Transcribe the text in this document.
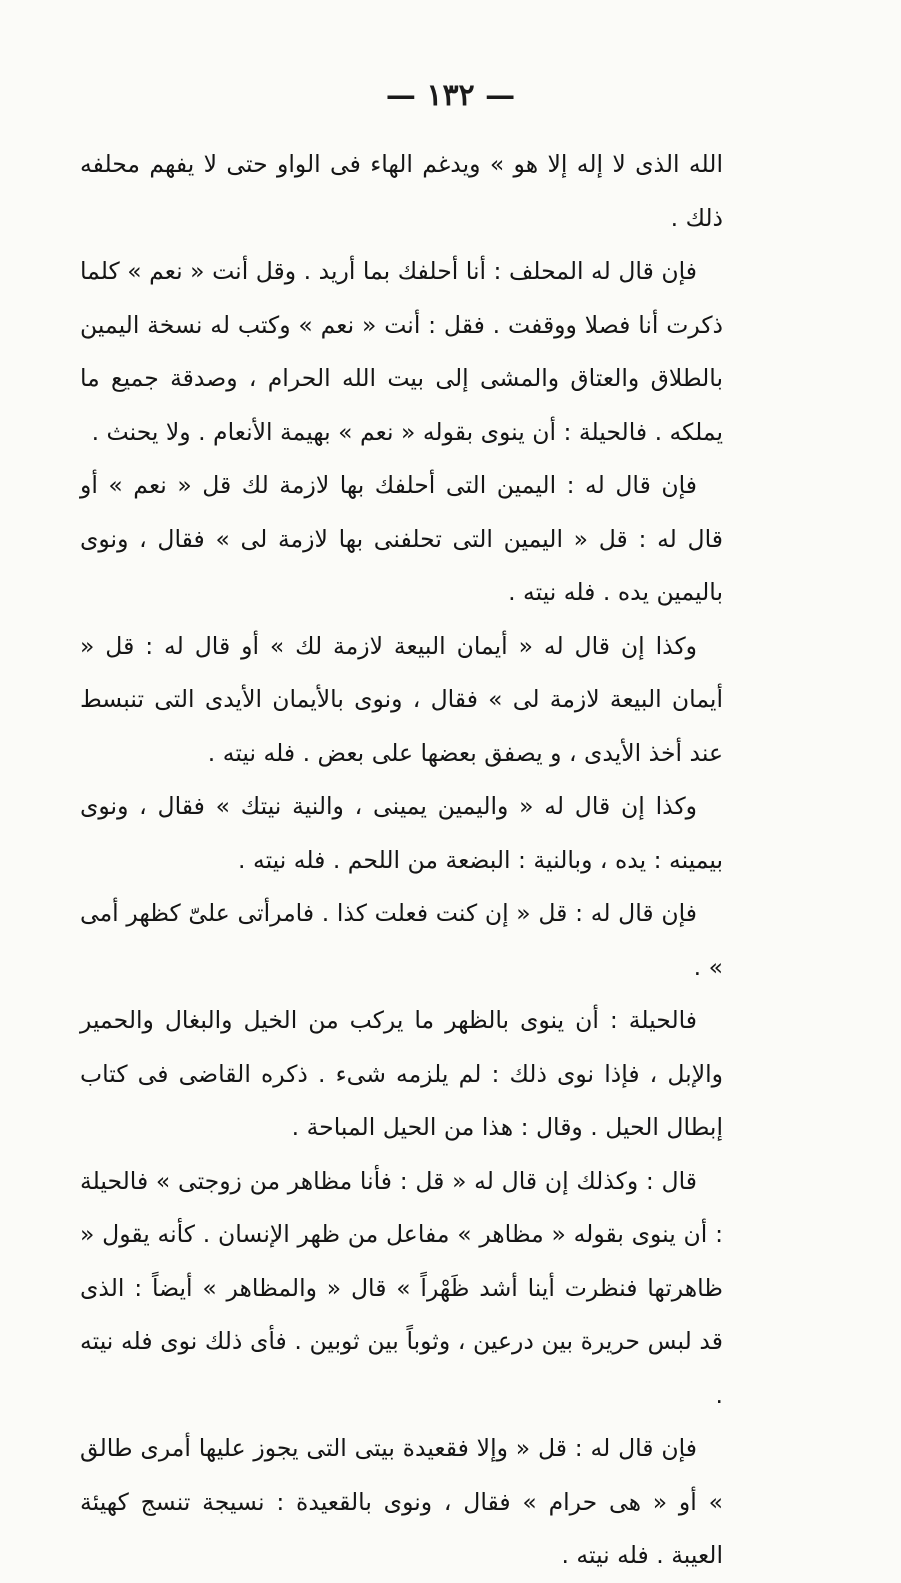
— ١٣٢ —

الله الذى لا إله إلا هو » ويدغم الهاء فى الواو حتى لا يفهم محلفه ذلك .

فإن قال له المحلف : أنا أحلفك بما أريد . وقل أنت « نعم » كلما ذكرت أنا فصلا ووقفت . فقل : أنت « نعم » وكتب له نسخة اليمين بالطلاق والعتاق والمشى إلى بيت الله الحرام ، وصدقة جميع ما يملكه . فالحيلة : أن ينوى بقوله « نعم » بهيمة الأنعام . ولا يحنث .

فإن قال له : اليمين التى أحلفك بها لازمة لك قل « نعم » أو قال له : قل « اليمين التى تحلفنى بها لازمة لى » فقال ، ونوى باليمين يده . فله نيته .

وكذا إن قال له « أيمان البيعة لازمة لك » أو قال له : قل « أيمان البيعة لازمة لى » فقال ، ونوى بالأيمان الأيدى التى تنبسط عند أخذ الأيدى ، و يصفق بعضها على بعض . فله نيته .

وكذا إن قال له « واليمين يمينى ، والنية نيتك » فقال ، ونوى بيمينه : يده ، وبالنية : البضعة من اللحم . فله نيته .

فإن قال له : قل « إن كنت فعلت كذا . فامرأتى علىّ كظهر أمى » .

فالحيلة : أن ينوى بالظهر ما يركب من الخيل والبغال والحمير والإبل ، فإذا نوى ذلك : لم يلزمه شىء . ذكره القاضى فى كتاب إبطال الحيل . وقال : هذا من الحيل المباحة .

قال : وكذلك إن قال له « قل : فأنا مظاهر من زوجتى » فالحيلة : أن ينوى بقوله « مظاهر » مفاعل من ظهر الإنسان . كأنه يقول « ظاهرتها فنظرت أينا أشد ظَهْراً » قال « والمظاهر » أيضاً : الذى قد لبس حريرة بين درعين ، وثوباً بين ثوبين . فأى ذلك نوى فله نيته .

فإن قال له : قل « وإلا فقعيدة بيتى التى يجوز عليها أمرى طالق » أو « هى حرام » فقال ، ونوى بالقعيدة : نسيجة تنسج كهيئة العيبة . فله نيته .
